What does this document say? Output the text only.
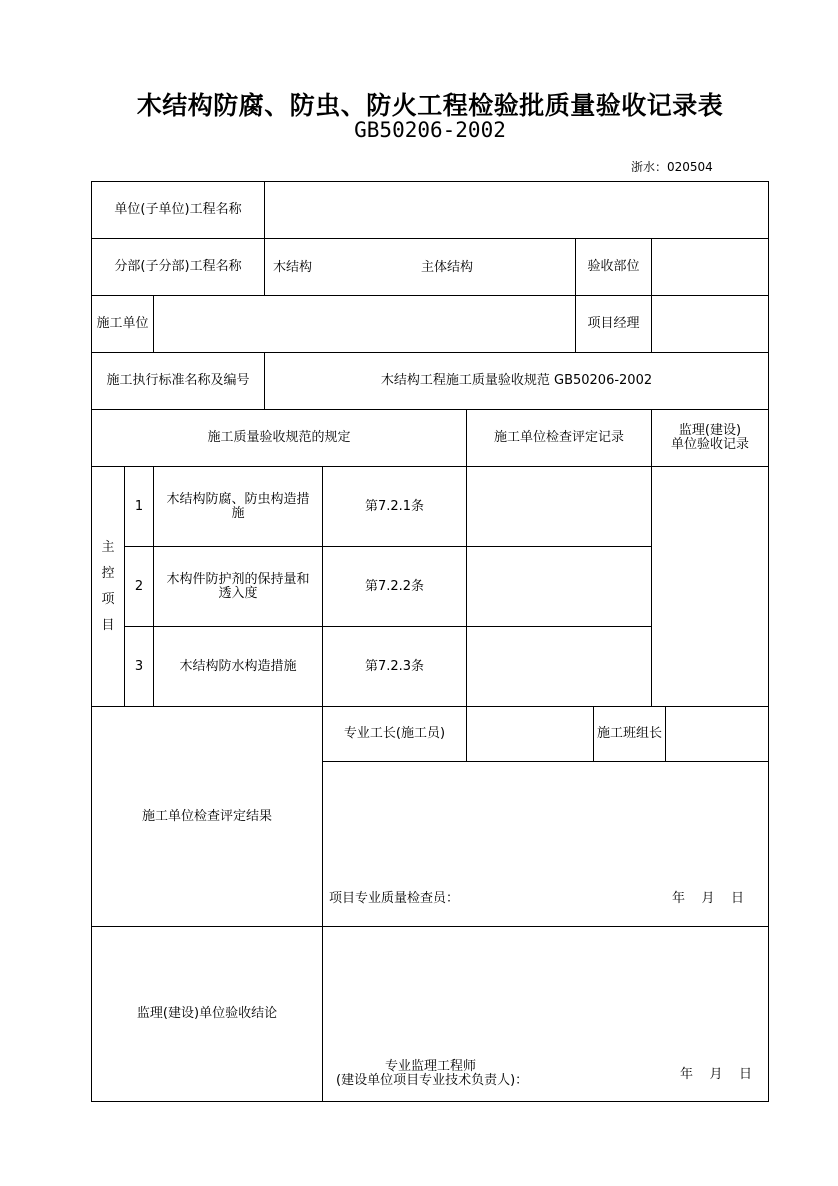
木结构防腐、防虫、防火工程检验批质量验收记录表
GB50206-2002
浙水：020504
单位(子单位)工程名称
分部(子分部)工程名称	木结构	主体结构	验收部位
施工单位	项目经理
施工执行标准名称及编号	木结构工程施工质量验收规范 GB50206-2002
施工质量验收规范的规定	施工单位检查评定记录	监理(建设)
单位验收记录
主
控
项
目
1	木结构防腐、防虫构造措施	第7.2.1条
2	木构件防护剂的保持量和透入度	第7.2.2条
3	木结构防水构造措施	第7.2.3条
施工单位检查评定结果
专业工长(施工员)	施工班组长
项目专业质量检查员：	年    月    日
监理(建设)单位验收结论
专业监理工程师
(建设单位项目专业技术负责人)：	年    月    日
